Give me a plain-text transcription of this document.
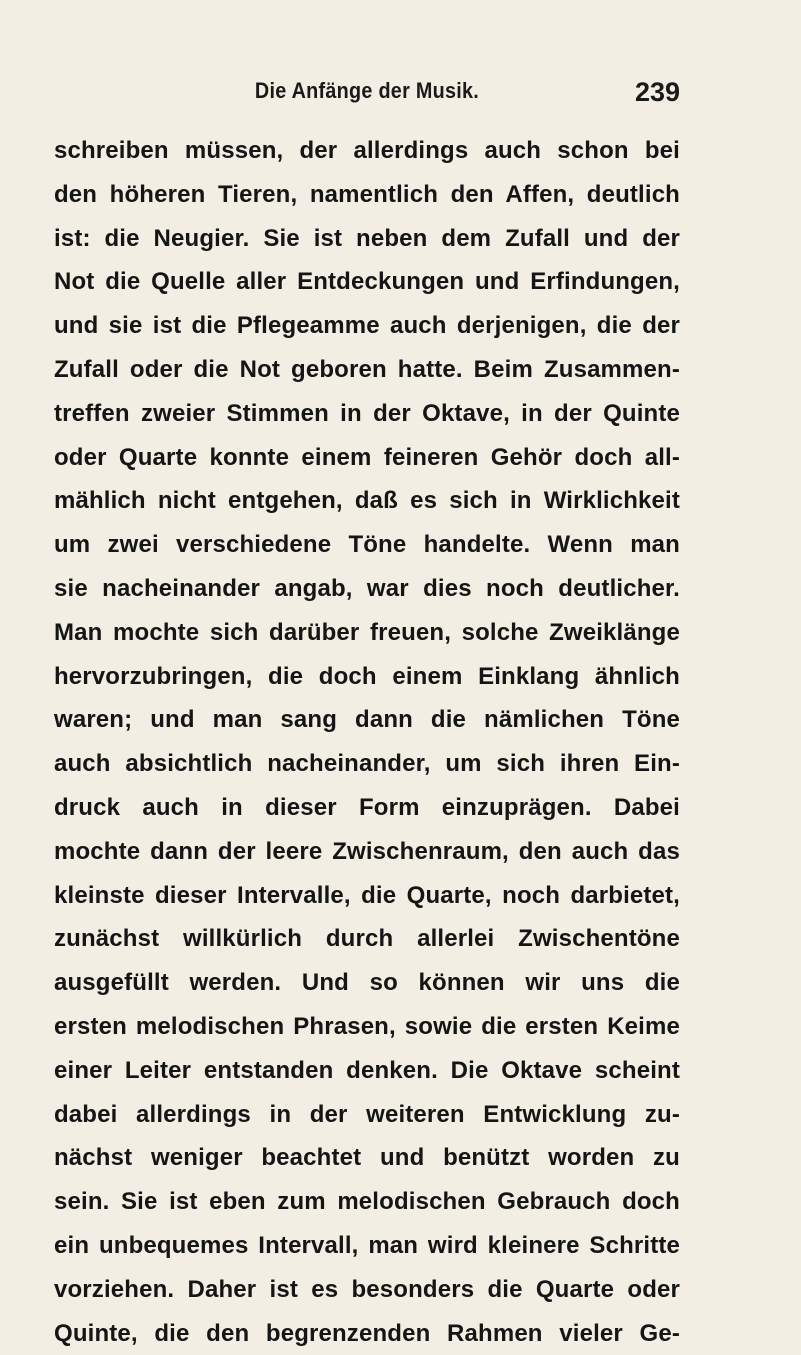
Die Anfänge der Musik.	239
schreiben müssen, der allerdings auch schon bei
den höheren Tieren, namentlich den Affen, deutlich
ist: die Neugier. Sie ist neben dem Zufall und der
Not die Quelle aller Entdeckungen und Erfindungen,
und sie ist die Pflegeamme auch derjenigen, die der
Zufall oder die Not geboren hatte. Beim Zusammen-
treffen zweier Stimmen in der Oktave, in der Quinte
oder Quarte konnte einem feineren Gehör doch all-
mählich nicht entgehen, daß es sich in Wirklichkeit
um zwei verschiedene Töne handelte. Wenn man
sie nacheinander angab, war dies noch deutlicher.
Man mochte sich darüber freuen, solche Zweiklänge
hervorzubringen, die doch einem Einklang ähnlich
waren; und man sang dann die nämlichen Töne
auch absichtlich nacheinander, um sich ihren Ein-
druck auch in dieser Form einzuprägen. Dabei
mochte dann der leere Zwischenraum, den auch das
kleinste dieser Intervalle, die Quarte, noch darbietet,
zunächst willkürlich durch allerlei Zwischentöne
ausgefüllt werden. Und so können wir uns die
ersten melodischen Phrasen, sowie die ersten Keime
einer Leiter entstanden denken. Die Oktave scheint
dabei allerdings in der weiteren Entwicklung zu-
nächst weniger beachtet und benützt worden zu
sein. Sie ist eben zum melodischen Gebrauch doch
ein unbequemes Intervall, man wird kleinere Schritte
vorziehen. Daher ist es besonders die Quarte oder
Quinte, die den begrenzenden Rahmen vieler Ge-
